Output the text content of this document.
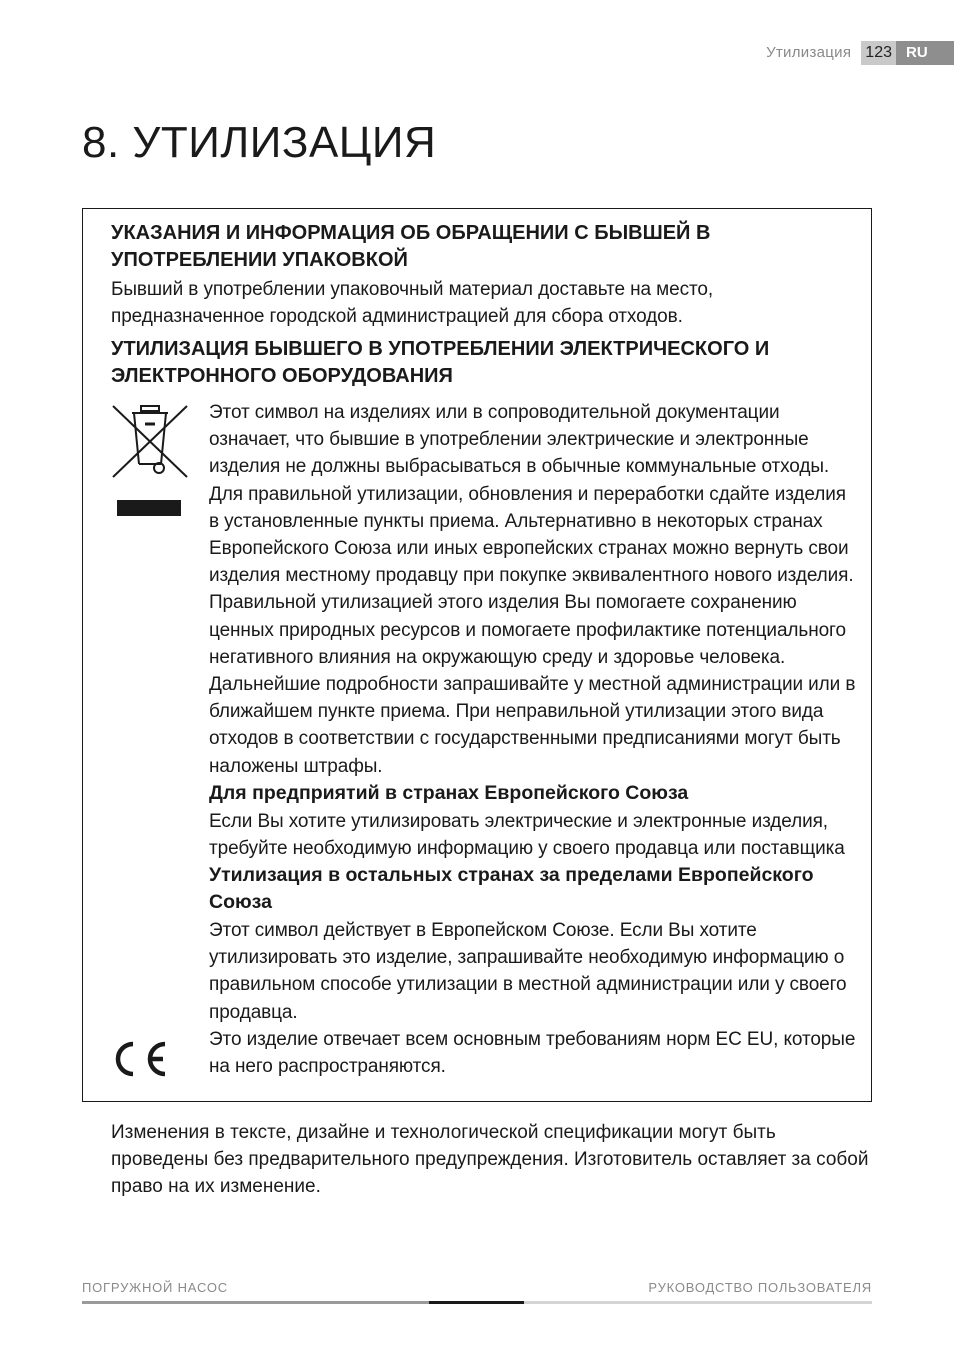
Утилизация 123 RU
8. УТИЛИЗАЦИЯ
УКАЗАНИЯ И ИНФОРМАЦИЯ ОБ ОБРАЩЕНИИ С БЫВШЕЙ В УПОТРЕБЛЕНИИ УПАКОВКОЙ

Бывший в употреблении упаковочный материал доставьте на место, предназначенное городской администрацией для сбора отходов.

УТИЛИЗАЦИЯ БЫВШЕГО В УПОТРЕБЛЕНИИ ЭЛЕКТРИЧЕСКОГО И ЭЛЕКТРОННОГО ОБОРУДОВАНИЯ

Этот символ на изделиях или в сопроводительной документации означает, что бывшие в употреблении электрические и электронные изделия не должны выбрасываться в обычные коммунальные отходы. Для правильной утилизации, обновления и переработки сдайте изделия в установленные пункты приема. Альтернативно в некоторых странах Европейского Союза или иных европейских странах можно вернуть свои изделия местному продавцу при покупке эквивалентного нового изделия. Правильной утилизацией этого изделия Вы помогаете сохранению ценных природных ресурсов и помогаете профилактике потенциального негативного влияния на окружающую среду и здоровье человека. Дальнейшие подробности запрашивайте у местной администрации или в ближайшем пункте приема. При неправильной утилизации этого вида отходов в соответствии с государственными предписаниями могут быть наложены штрафы.

Для предприятий в странах Европейского Союза

Если Вы хотите утилизировать электрические и электронные изделия, требуйте необходимую информацию у своего продавца или поставщика

Утилизация в остальных странах за пределами Европейского Союза

Этот символ действует в Европейском Союзе. Если Вы хотите утилизировать это изделие, запрашивайте необходимую информацию о правильном способе утилизации в местной администрации или у своего продавца.

Это изделие отвечает всем основным требованиям норм ЕС EU, которые на него распространяются.

Изменения в тексте, дизайне и технологической спецификации могут быть проведены без предварительного предупреждения. Изготовитель оставляет за собой право на их изменение.

ПОГРУЖНОЙ НАСОС	РУКОВОДСТВО ПОЛЬЗОВАТЕЛЯ
